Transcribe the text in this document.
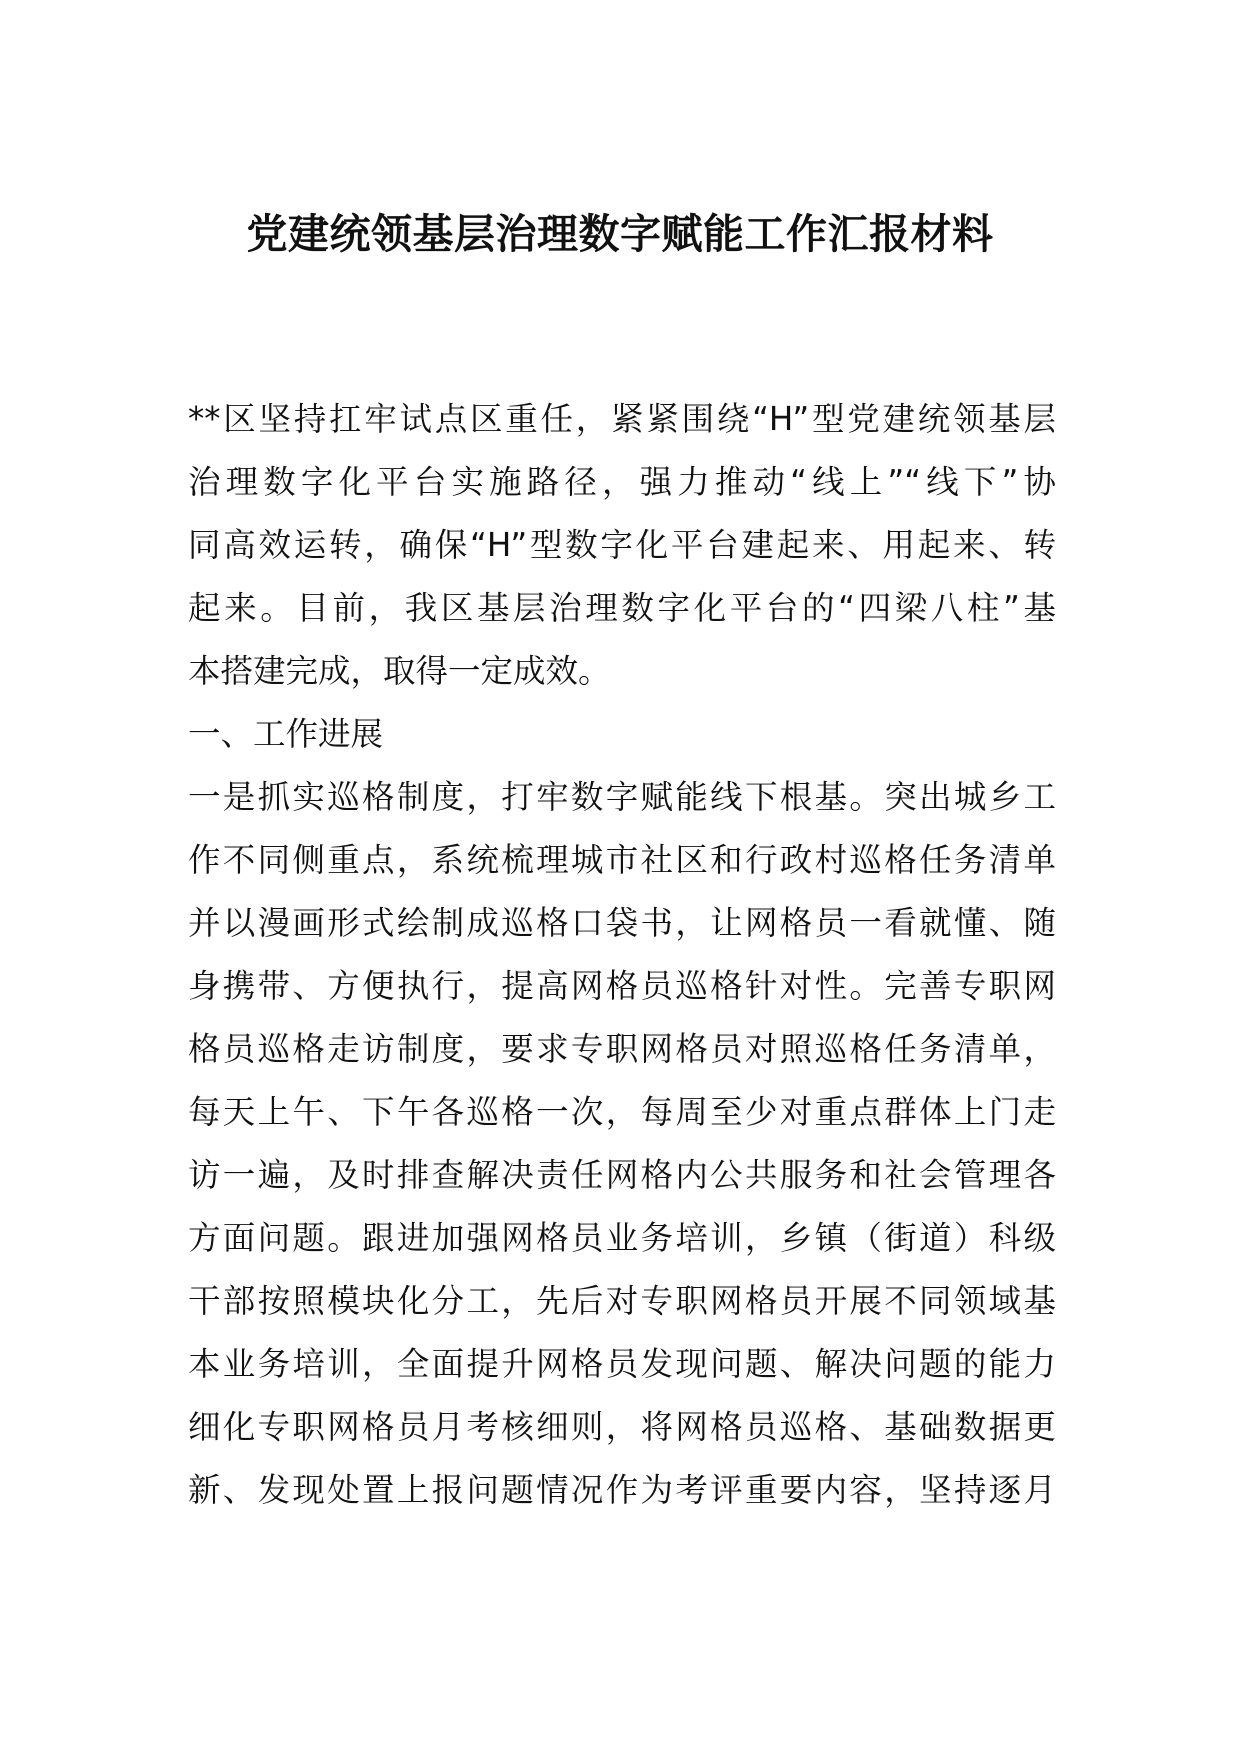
党建统领基层治理数字赋能工作汇报材料
**区坚持扛牢试点区重任，紧紧围绕“H”型党建统领基层
治理数字化平台实施路径，强力推动“线上”“线下”协
同高效运转，确保“H”型数字化平台建起来、用起来、转
起来。目前，我区基层治理数字化平台的“四梁八柱”基
本搭建完成，取得一定成效。
一、工作进展
一是抓实巡格制度，打牢数字赋能线下根基。突出城乡工
作不同侧重点，系统梳理城市社区和行政村巡格任务清单
并以漫画形式绘制成巡格口袋书，让网格员一看就懂、随
身携带、方便执行，提高网格员巡格针对性。完善专职网
格员巡格走访制度，要求专职网格员对照巡格任务清单，
每天上午、下午各巡格一次，每周至少对重点群体上门走
访一遍，及时排查解决责任网格内公共服务和社会管理各
方面问题。跟进加强网格员业务培训，乡镇（街道）科级
干部按照模块化分工，先后对专职网格员开展不同领域基
本业务培训，全面提升网格员发现问题、解决问题的能力
细化专职网格员月考核细则，将网格员巡格、基础数据更
新、发现处置上报问题情况作为考评重要内容，坚持逐月
